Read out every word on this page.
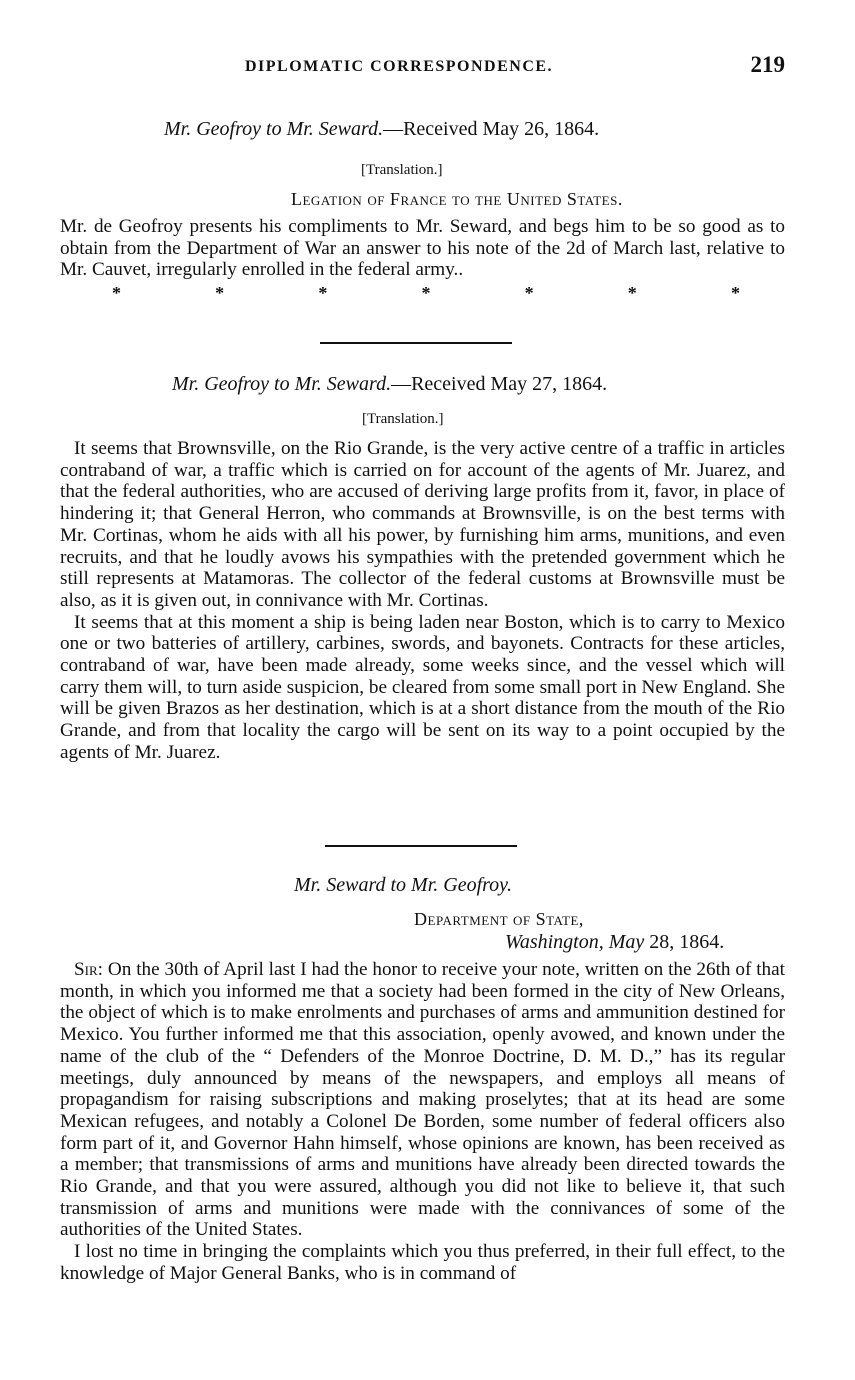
DIPLOMATIC CORRESPONDENCE.	219
Mr. Geofroy to Mr. Seward.—Received May 26, 1864.
[Translation.]
Legation of France to the United States.

Mr. de Geofroy presents his compliments to Mr. Seward, and begs him to be so good as to obtain from the Department of War an answer to his note of the 2d of March last, relative to Mr. Cauvet, irregularly enrolled in the federal army..

*	*	*	*	*	*	*
Mr. Geofroy to Mr. Seward.—Received May 27, 1864.
[Translation.]

It seems that Brownsville, on the Rio Grande, is the very active centre of a traffic in articles contraband of war, a traffic which is carried on for account of the agents of Mr. Juarez, and that the federal authorities, who are accused of deriving large profits from it, favor, in place of hindering it; that General Herron, who commands at Brownsville, is on the best terms with Mr. Cortinas, whom he aids with all his power, by furnishing him arms, munitions, and even recruits, and that he loudly avows his sympathies with the pretended government which he still represents at Matamoras. The collector of the federal customs at Brownsville must be also, as it is given out, in connivance with Mr. Cortinas.

It seems that at this moment a ship is being laden near Boston, which is to carry to Mexico one or two batteries of artillery, carbines, swords, and bayonets. Contracts for these articles, contraband of war, have been made already, some weeks since, and the vessel which will carry them will, to turn aside suspicion, be cleared from some small port in New England. She will be given Brazos as her destination, which is at a short distance from the mouth of the Rio Grande, and from that locality the cargo will be sent on its way to a point occupied by the agents of Mr. Juarez.

Mr. Seward to Mr. Geofroy.
Department of State,
Washington, May 28, 1864.

Sir: On the 30th of April last I had the honor to receive your note, written on the 26th of that month, in which you informed me that a society had been formed in the city of New Orleans, the object of which is to make enrolments and purchases of arms and ammunition destined for Mexico. You further informed me that this association, openly avowed, and known under the name of the club of the “ Defenders of the Monroe Doctrine, D. M. D.,” has its regular meetings, duly announced by means of the newspapers, and employs all means of propagandism for raising subscriptions and making proselytes; that at its head are some Mexican refugees, and notably a Colonel De Borden, some number of federal officers also form part of it, and Governor Hahn himself, whose opinions are known, has been received as a member; that transmissions of arms and munitions have already been directed towards the Rio Grande, and that you were assured, although you did not like to believe it, that such transmission of arms and munitions were made with the connivances of some of the authorities of the United States.

I lost no time in bringing the complaints which you thus preferred, in their full effect, to the knowledge of Major General Banks, who is in command of
